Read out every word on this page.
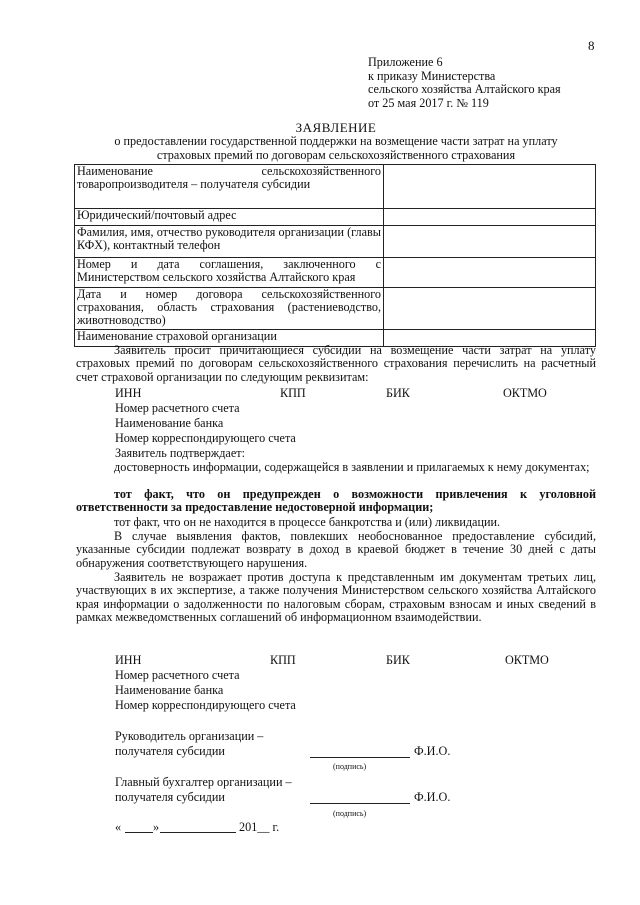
8
Приложение 6
к приказу Министерства
сельского хозяйства Алтайского края
от 25 мая 2017 г. № 119
ЗАЯВЛЕНИЕ
о предоставлении государственной поддержки на возмещение части затрат на уплату
страховых премий по договорам сельскохозяйственного страхования
Наименование сельскохозяйственного товаропроизводителя – получателя субсидии	
Юридический/почтовый адрес	
Фамилия, имя, отчество руководителя организации (главы КФХ), контактный телефон	
Номер и дата соглашения, заключенного с Министерством сельского хозяйства Алтайского края	
Дата и номер договора сельскохозяйственного страхования, область страхования (растениеводство, животноводство)	
Наименование страховой организации	
Заявитель просит причитающиеся субсидии на возмещение части затрат на уплату страховых премий по договорам сельскохозяйственного страхования перечислить на расчетный счет страховой организации по следующим реквизитам:
ИНН	КПП	БИК	ОКТМО
Номер расчетного счета
Наименование банка
Номер корреспондирующего счета
Заявитель подтверждает:
достоверность информации, содержащейся в заявлении и прилагаемых к нему документах;
тот факт, что он предупрежден о возможности привлечения к уголовной ответственности за предоставление недостоверной информации;
тот факт, что он не находится в процессе банкротства и (или) ликвидации.
В случае выявления фактов, повлекших необоснованное предоставление субсидий, указанные субсидии подлежат возврату в доход в краевой бюджет в течение 30 дней с даты обнаружения соответствующего нарушения.
Заявитель не возражает против доступа к представленным им документам третьих лиц, участвующих в их экспертизе, а также получения Министерством сельского хозяйства Алтайского края информации о задолженности по налоговым сборам, страховым взносам и иных сведений в рамках межведомственных соглашений об информационном взаимодействии.
ИНН	КПП	БИК	ОКТМО
Номер расчетного счета
Наименование банка
Номер корреспондирующего счета
Руководитель организации –
получателя субсидии	Ф.И.О.
(подпись)
Главный бухгалтер организации –
получателя субсидии	Ф.И.О.
(подпись)
«	»	201__ г.
